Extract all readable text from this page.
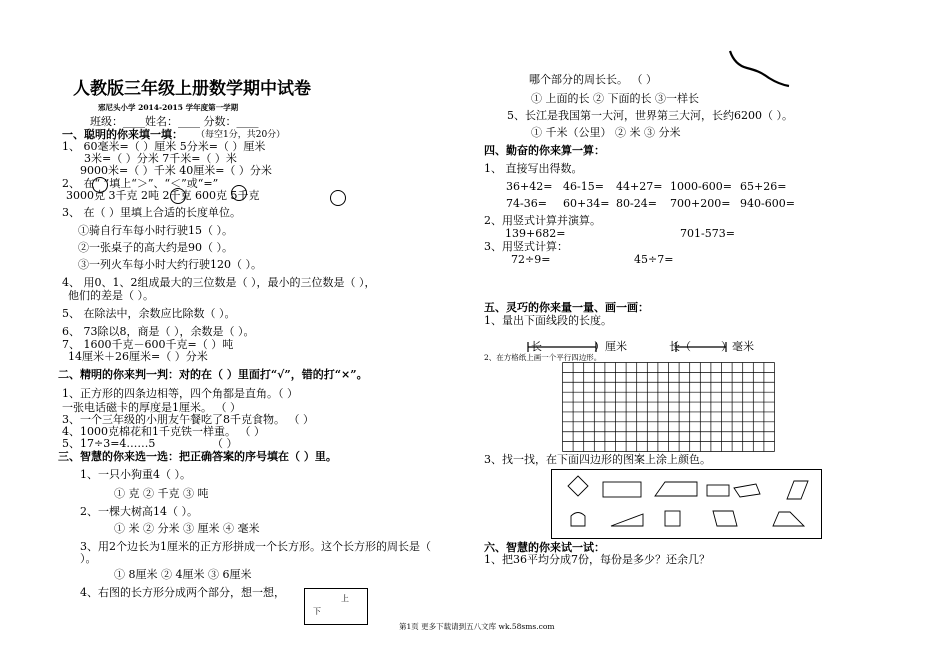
人教版三年级上册数学期中试卷
邪尼头小学 2014-2015 学年度第一学期
班级：____姓名：____ 分数：____
一、聪明的你来填一填： （每空1分，共20分）
1、 60毫米=（ ）厘米 5分米=（ ）厘米
3米=（ ）分米 7千米=（ ）米
9000米=（ ）千米 40厘米=（ ）分米
2、 在“ ”填上“＞”、“＜”或“=”
3000克 3千克 2吨 2千克 600克 5千克
3、 在（ ）里填上合适的长度单位。
①骑自行车每小时行驶15（ ）。
②一张桌子的高大约是90（ ）。
③一列火车每小时大约行驶120（ ）。
4、 用0、1、2组成最大的三位数是（ ），最小的三位数是（ ），
他们的差是（ ）。
5、 在除法中，余数应比除数（ ）。
6、 73除以8，商是（ ），余数是（ ）。
7、 1600千克－600千克=（ ）吨
14厘米＋26厘米=（ ）分米
二、精明的你来判一判：对的在（ ）里面打“√”，错的打“×”。
1、正方形的四条边相等，四个角都是直角。（ ）
一张电话磁卡的厚度是1厘米。 （ ）
3、一个三年级的小朋友午餐吃了8千克食物。 （ ）
4、1000克棉花和1千克铁一样重。 （ ）
5、17÷3=4……5	（ ）
三、智慧的你来选一选：把正确答案的序号填在（ ）里。
1、一只小狗重4（ ）。
① 克 ② 千克 ③ 吨
2、一棵大树高14（ ）。
① 米 ② 分米 ③ 厘米 ④ 毫米
3、用2个边长为1厘米的正方形拼成一个长方形。这个长方形的周长是（
）。
① 8厘米 ② 4厘米 ③ 6厘米
4、右图的长方形分成两个部分，想一想，	上
下
哪个部分的周长长。 （ ）
① 上面的长 ② 下面的长 ③一样长
5、长江是我国第一大河，世界第三大河，长约6200（ ）。
① 千米（公里） ② 米 ③ 分米
四、勤奋的你来算一算：
1、 直接写出得数。
36+42= 46-15= 44+27= 1000-600= 65+26=
74-36= 60+34= 80-24= 700+200= 940-600=
2、用竖式计算并演算。
139+682=	701-573=
3、用竖式计算：
72÷9=	45÷7=
五、灵巧的你来量一量、画一画：
1、量出下面线段的长度。
长	）厘米	长（	）毫米
2、在方格纸上画一个平行四边形。
3、找一找，在下面四边形的图案上涂上颜色。
六、智慧的你来试一试：
1、把36平均分成7份，每份是多少？还余几？
第1页 更多下载请到五八文库 wk.58sms.com
